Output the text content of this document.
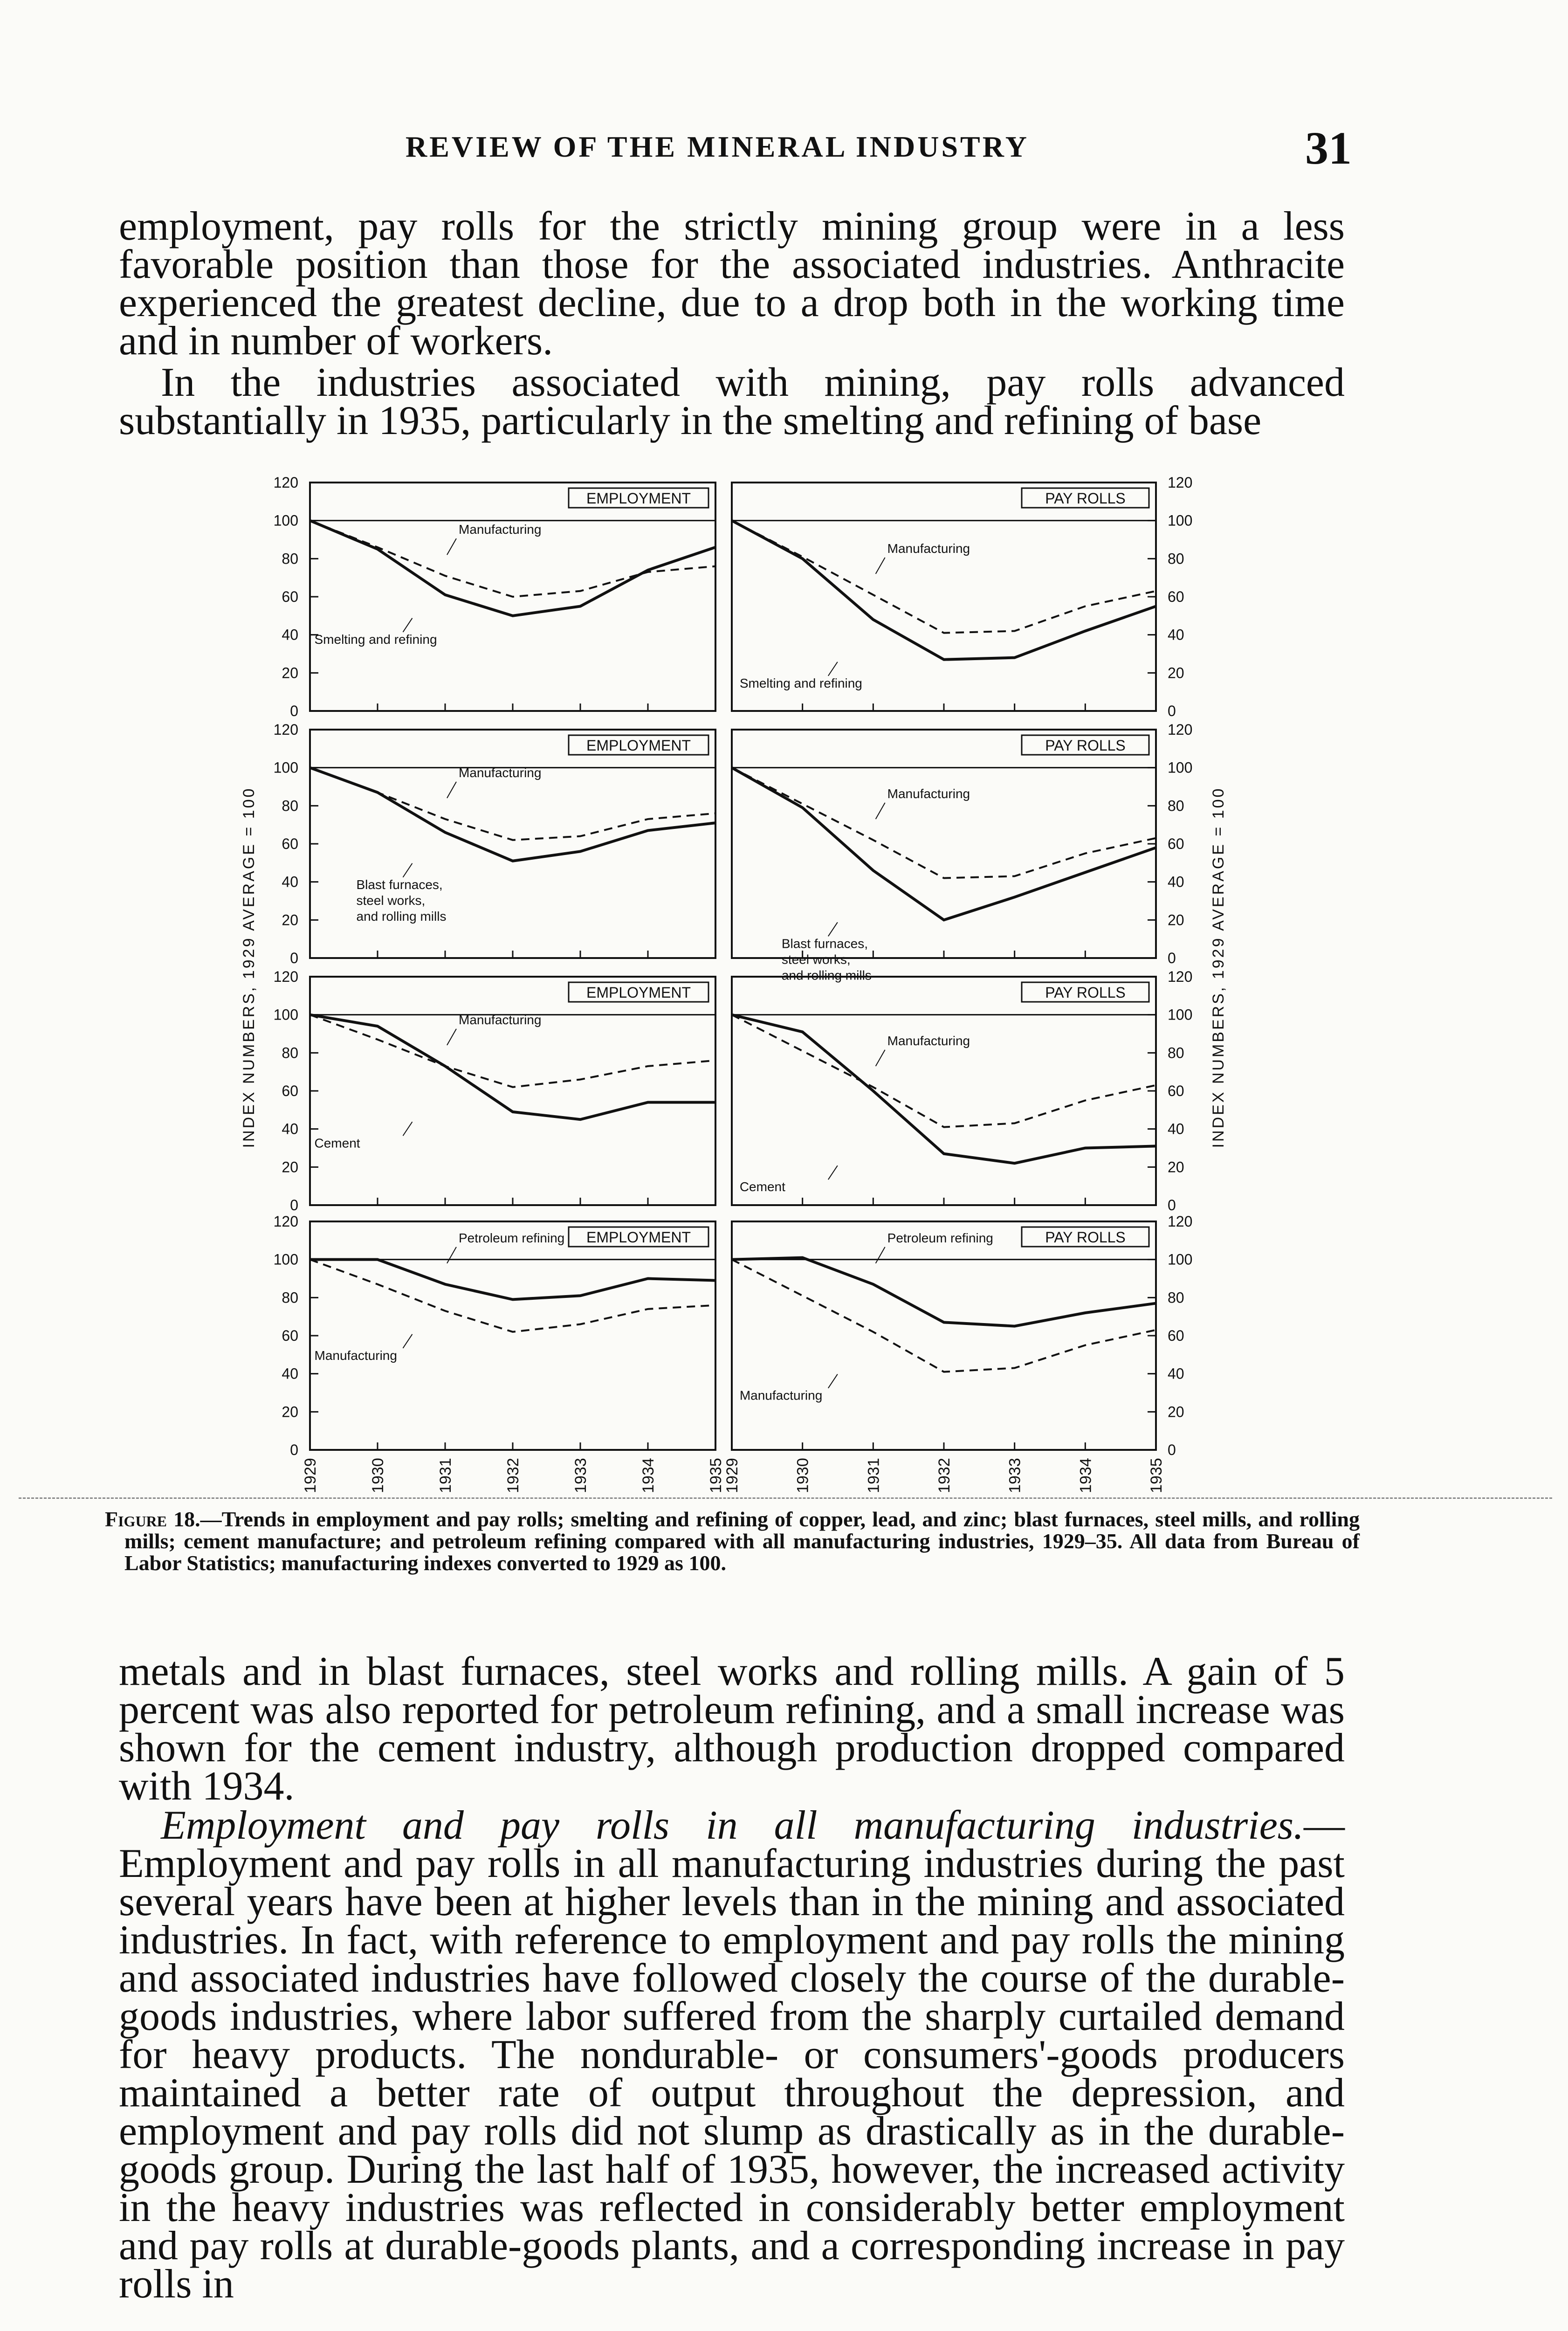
REVIEW OF THE MINERAL INDUSTRY	31
employment, pay rolls for the strictly mining group were in a less favorable position than those for the associated industries. Anthracite experienced the greatest decline, due to a drop both in the working time and in number of workers.
In the industries associated with mining, pay rolls advanced substantially in 1935, particularly in the smelting and refining of base
EMPLOYMENT
Manufacturing
Smelting and refining
PAY ROLLS
Manufacturing
Smelting and refining
EMPLOYMENT
Manufacturing
Blast furnaces,
steel works,
and rolling mills
PAY ROLLS
Manufacturing
Blast furnaces,
steel works,
and rolling mills
EMPLOYMENT
Manufacturing
Cement
PAY ROLLS
Manufacturing
Cement
EMPLOYMENT
Petroleum refining
Manufacturing
PAY ROLLS
Petroleum refining
Manufacturing
0	0
20	20
40	40
60	60
80	80
100	100
120	120
0	0
20	20
40	40
60	60
80	80
100	100
120	120
0	0
20	20
40	40
60	60
80	80
100	100
120	120
0	0
20	20
40	40
60	60
80	80
100	100
120	120
INDEX NUMBERS, 1929 AVERAGE = 100	INDEX NUMBERS, 1929 AVERAGE = 100
1929	1930	1931	1932	1933	1934	1935
1929	1930	1931	1932	1933	1934	1935
Figure 18.—Trends in employment and pay rolls; smelting and refining of copper, lead, and zinc; blast furnaces, steel mills, and rolling mills; cement manufacture; and petroleum refining compared with all manufacturing industries, 1929–35. All data from Bureau of Labor Statistics; manufacturing indexes converted to 1929 as 100.
metals and in blast furnaces, steel works and rolling mills. A gain of 5 percent was also reported for petroleum refining, and a small increase was shown for the cement industry, although production dropped compared with 1934.
Employment and pay rolls in all manufacturing industries.—Employment and pay rolls in all manufacturing industries during the past several years have been at higher levels than in the mining and associated industries. In fact, with reference to employment and pay rolls the mining and associated industries have followed closely the course of the durable-goods industries, where labor suffered from the sharply curtailed demand for heavy products. The nondurable- or consumers'-goods producers maintained a better rate of output throughout the depression, and employment and pay rolls did not slump as drastically as in the durable-goods group. During the last half of 1935, however, the increased activity in the heavy industries was reflected in considerably better employment and pay rolls at durable-goods plants, and a corresponding increase in pay rolls in
